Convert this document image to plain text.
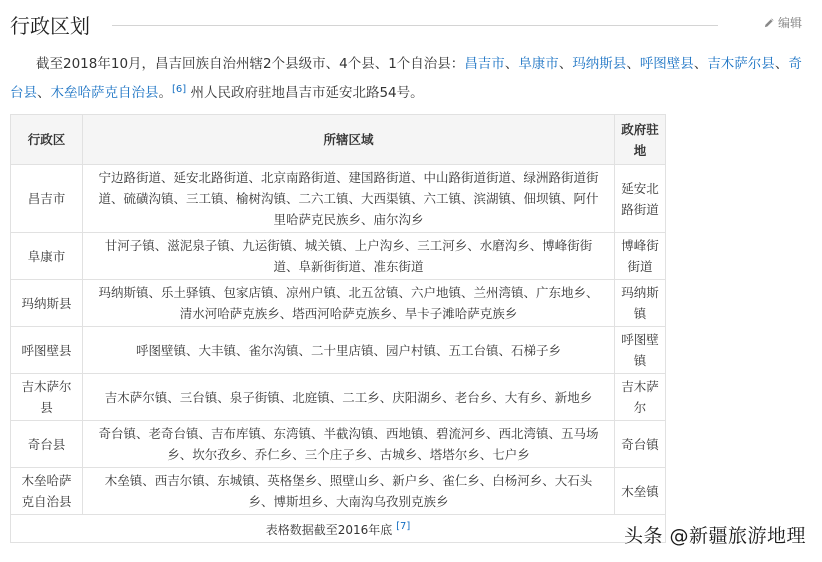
行政区划	编辑

截至2018年10月，昌吉回族自治州辖2个县级市、4个县、1个自治县：昌吉市、阜康市、玛纳斯县、呼图壁县、吉木萨尔县、奇台县、木垒哈萨克自治县。[6] 州人民政府驻地昌吉市延安北路54号。

行政区	所辖区域	政府驻地
昌吉市	宁边路街道、延安北路街道、北京南路街道、建国路街道、中山路街道街道、绿洲路街道街道、硫磺沟镇、三工镇、榆树沟镇、二六工镇、大西渠镇、六工镇、滨湖镇、佃坝镇、阿什里哈萨克民族乡、庙尔沟乡	延安北路街道
阜康市	甘河子镇、滋泥泉子镇、九运街镇、城关镇、上户沟乡、三工河乡、水磨沟乡、博峰街街道、阜新街街道、准东街道	博峰街街道
玛纳斯县	玛纳斯镇、乐土驿镇、包家店镇、凉州户镇、北五岔镇、六户地镇、兰州湾镇、广东地乡、清水河哈萨克族乡、塔西河哈萨克族乡、旱卡子滩哈萨克族乡	玛纳斯镇
呼图壁县	呼图壁镇、大丰镇、雀尔沟镇、二十里店镇、园户村镇、五工台镇、石梯子乡	呼图壁镇
吉木萨尔县	吉木萨尔镇、三台镇、泉子街镇、北庭镇、二工乡、庆阳湖乡、老台乡、大有乡、新地乡	吉木萨尔
奇台县	奇台镇、老奇台镇、吉布库镇、东湾镇、半截沟镇、西地镇、碧流河乡、西北湾镇、五马场乡、坎尔孜乡、乔仁乡、三个庄子乡、古城乡、塔塔尔乡、七户乡	奇台镇
木垒哈萨克自治县	木垒镇、西吉尔镇、东城镇、英格堡乡、照壁山乡、新户乡、雀仁乡、白杨河乡、大石头乡、博斯坦乡、大南沟乌孜别克族乡	木垒镇
表格数据截至2016年底 [7]	头条 @新疆旅游地理
